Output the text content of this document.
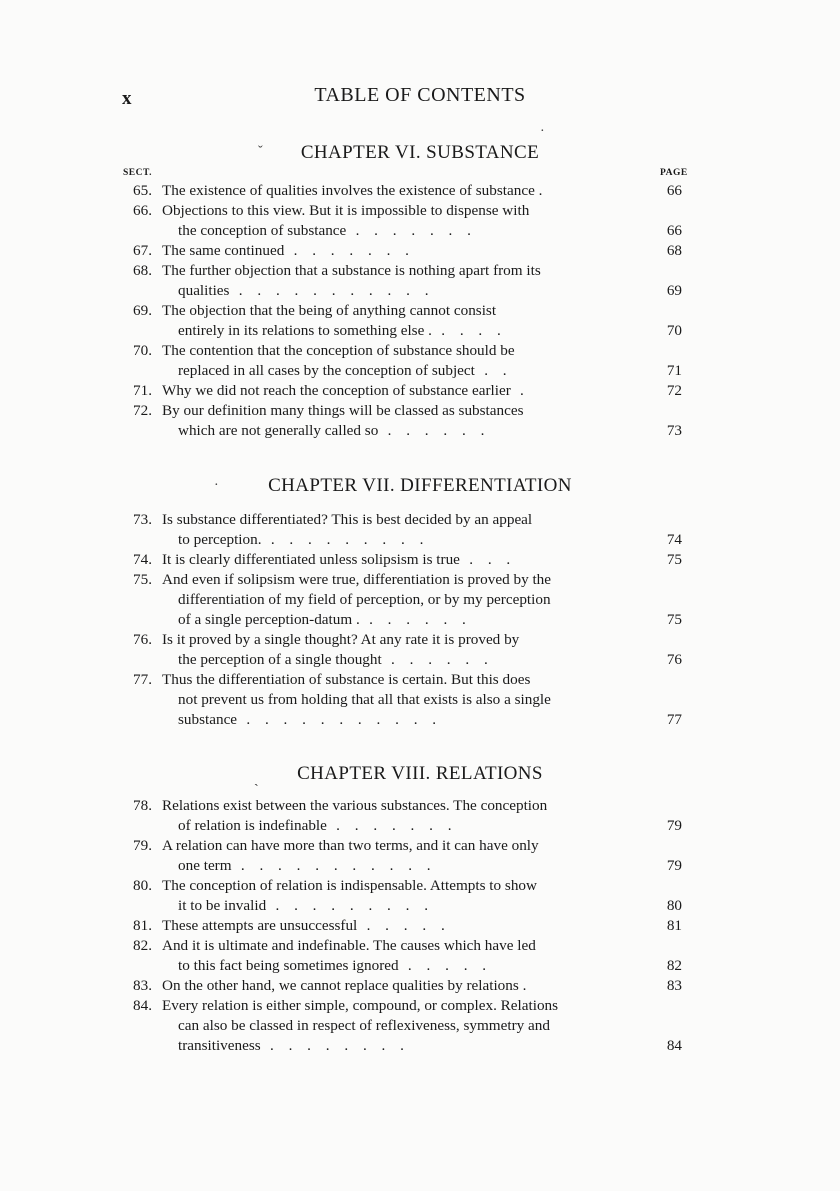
x	TABLE OF CONTENTS
·
CHAPTER VI. SUBSTANCE
ˇ
SECT.	PAGE
CHAPTER VII. DIFFERENTIATION
·
CHAPTER VIII. RELATIONS
ˎ
65. The existence of qualities involves the existence of substance .	66
66. Objections to this view. But it is impossible to dispense with
the conception of substance . . . . . . .	66
67. The same continued . . . . . . .	68
68. The further objection that a substance is nothing apart from its
qualities . . . . . . . . . . .	69
69. The objection that the being of anything cannot consist
entirely in its relations to something else . . . . .	70
70. The contention that the conception of substance should be
replaced in all cases by the conception of subject . .	71
71. Why we did not reach the conception of substance earlier .	72
72. By our definition many things will be classed as substances
which are not generally called so . . . . . .	73
73. Is substance differentiated? This is best decided by an appeal
to perception. . . . . . . . . .	74
74. It is clearly differentiated unless solipsism is true . . .	75
75. And even if solipsism were true, differentiation is proved by the
differentiation of my field of perception, or by my perception
of a single perception-datum . . . . . . .	75
76. Is it proved by a single thought? At any rate it is proved by
the perception of a single thought . . . . . .	76
77. Thus the differentiation of substance is certain. But this does
not prevent us from holding that all that exists is also a single
substance . . . . . . . . . . .	77
78. Relations exist between the various substances. The conception
of relation is indefinable . . . . . . .	79
79. A relation can have more than two terms, and it can have only
one term . . . . . . . . . . .	79
80. The conception of relation is indispensable. Attempts to show
it to be invalid . . . . . . . . .	80
81. These attempts are unsuccessful . . . . .	81
82. And it is ultimate and indefinable. The causes which have led
to this fact being sometimes ignored . . . . .	82
83. On the other hand, we cannot replace qualities by relations .	83
84. Every relation is either simple, compound, or complex. Relations
can also be classed in respect of reflexiveness, symmetry and
transitiveness . . . . . . . .	84
